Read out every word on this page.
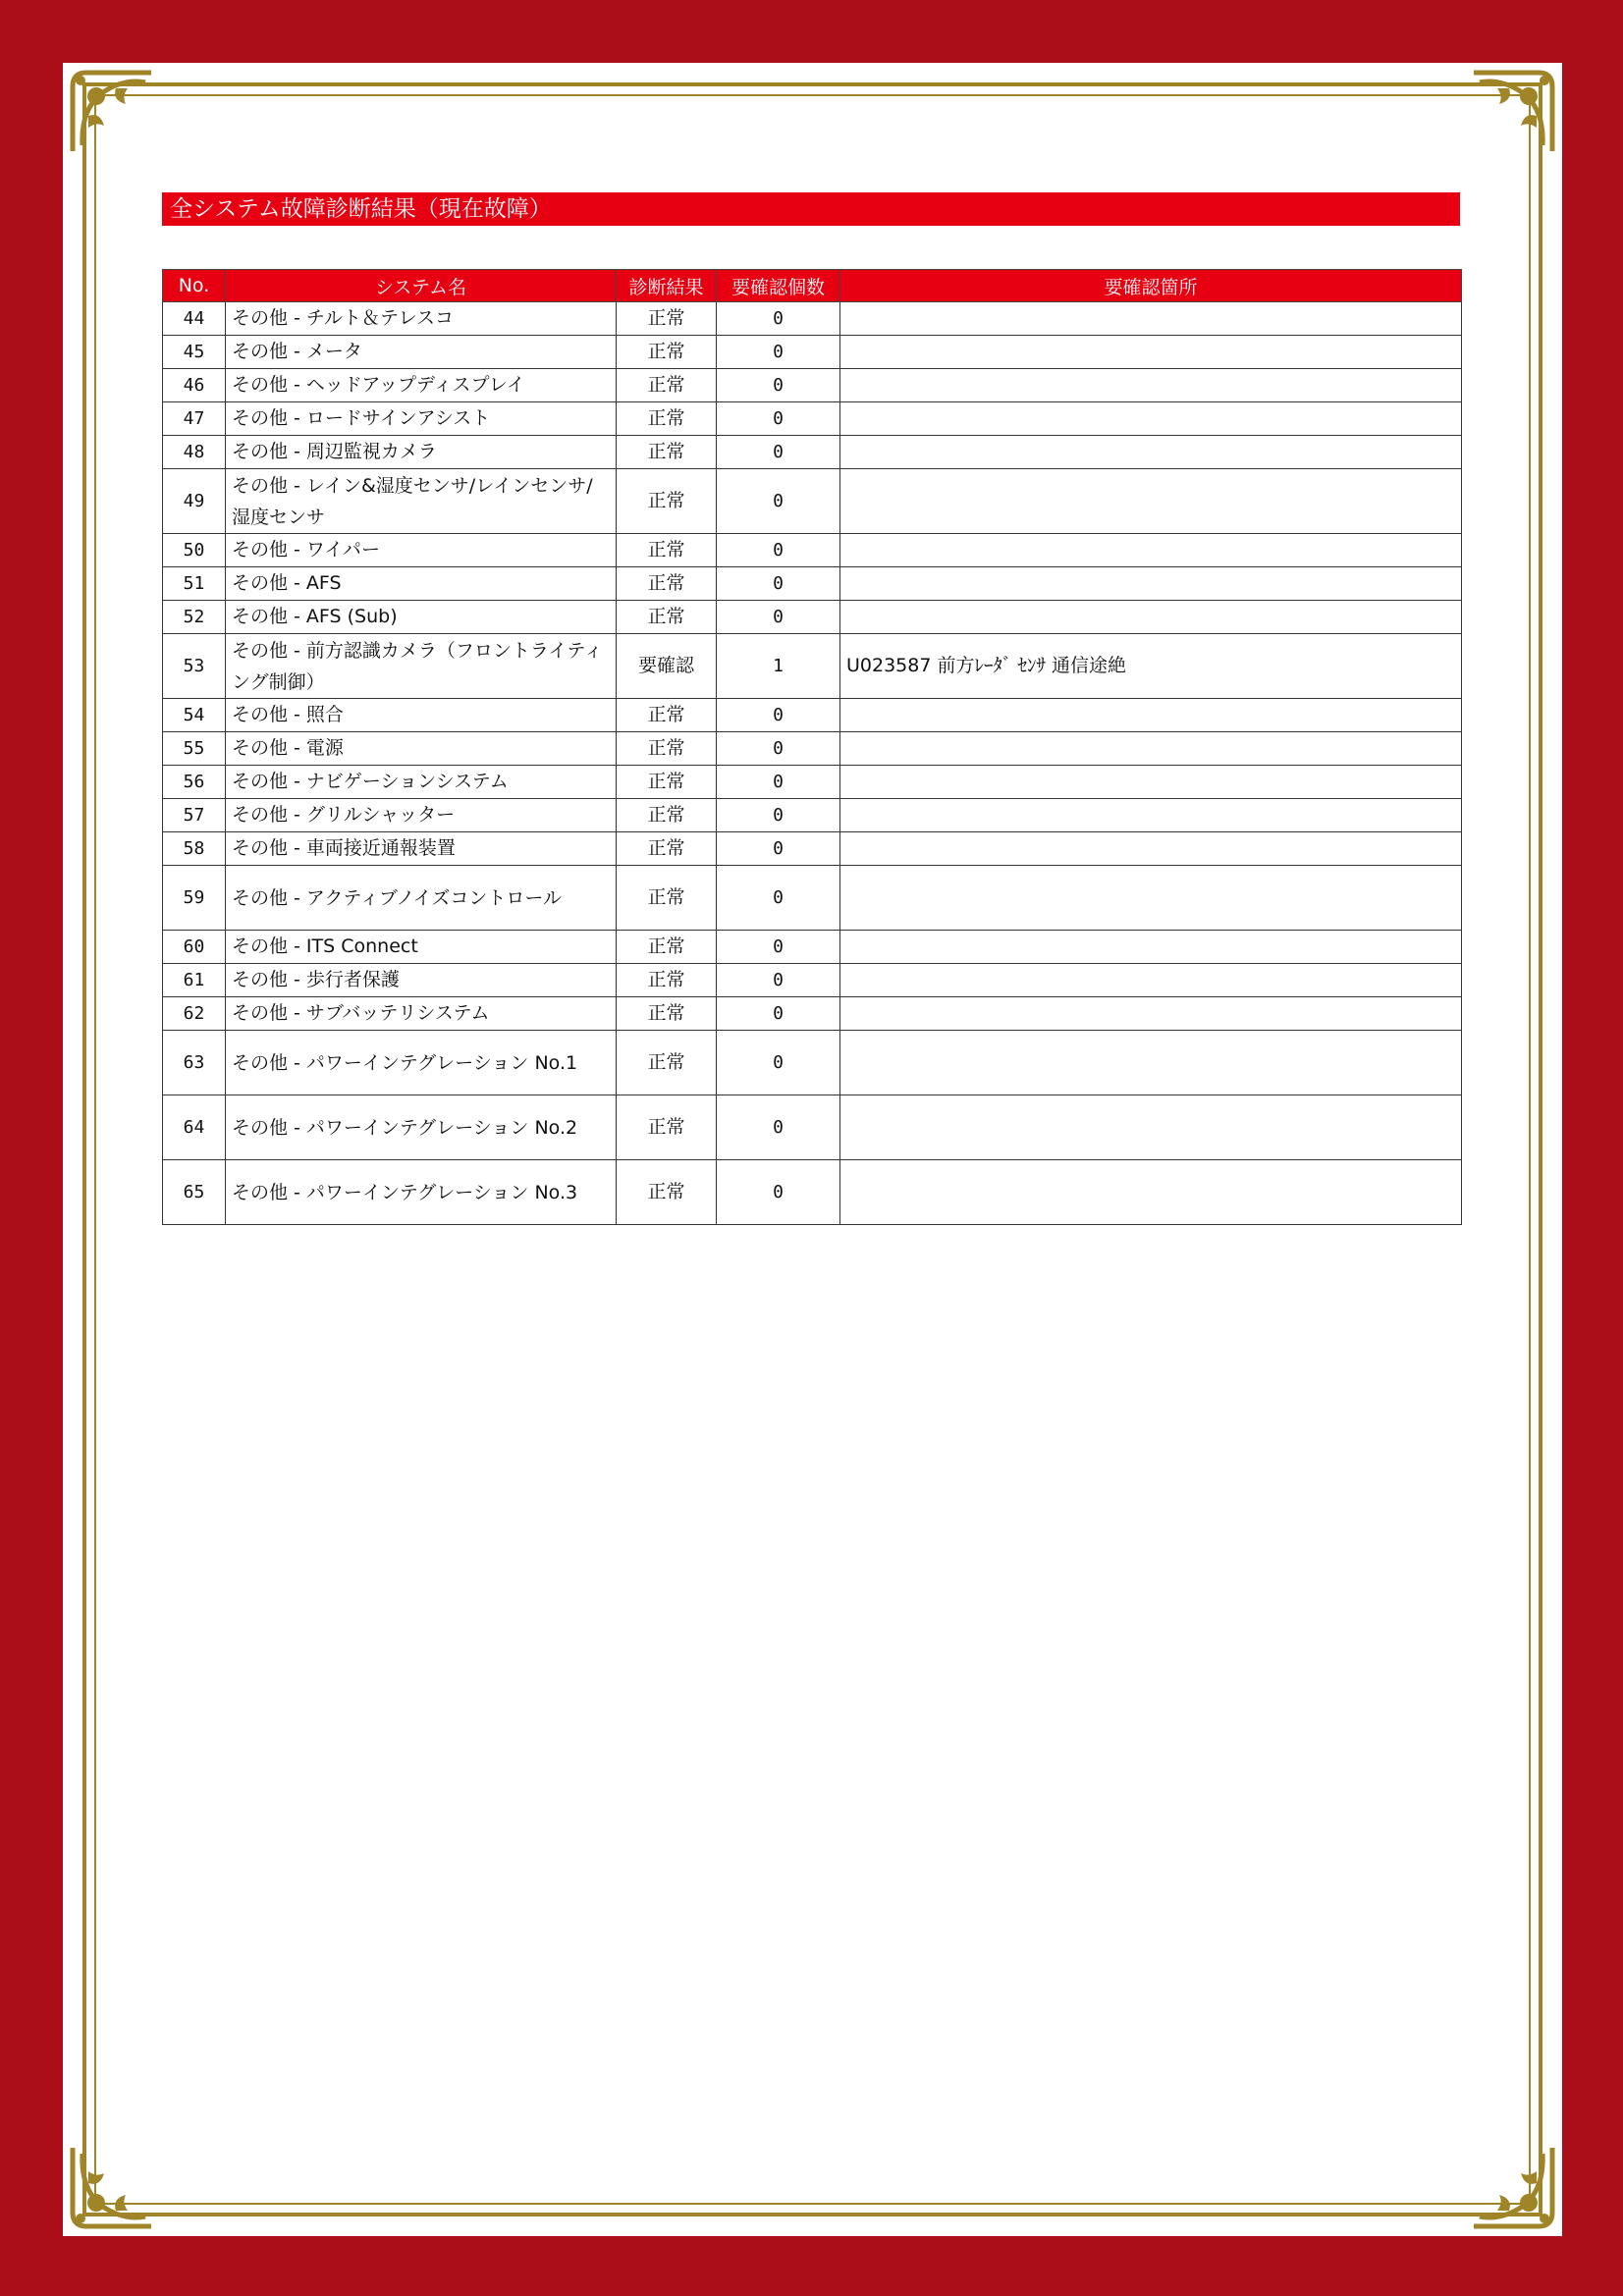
全システム故障診断結果（現在故障）
No.	システム名	診断結果	要確認個数	要確認箇所
44	その他 - チルト＆テレスコ	正常	0	
45	その他 - メータ	正常	0	
46	その他 - ヘッドアップディスプレイ	正常	0	
47	その他 - ロードサインアシスト	正常	0	
48	その他 - 周辺監視カメラ	正常	0	
49	その他 - レイン&湿度センサ/レインセンサ/湿度センサ	正常	0	
50	その他 - ワイパー	正常	0	
51	その他 - AFS	正常	0	
52	その他 - AFS (Sub)	正常	0	
53	その他 - 前方認識カメラ（フロントライティング制御）	要確認	1	U023587 前方ﾚｰﾀﾞ ｾﾝｻ 通信途絶
54	その他 - 照合	正常	0	
55	その他 - 電源	正常	0	
56	その他 - ナビゲーションシステム	正常	0	
57	その他 - グリルシャッター	正常	0	
58	その他 - 車両接近通報装置	正常	0	
59	その他 - アクティブノイズコントロール	正常	0	
60	その他 - ITS Connect	正常	0	
61	その他 - 歩行者保護	正常	0	
62	その他 - サブバッテリシステム	正常	0	
63	その他 - パワーインテグレーション No.1	正常	0	
64	その他 - パワーインテグレーション No.2	正常	0	
65	その他 - パワーインテグレーション No.3	正常	0	
